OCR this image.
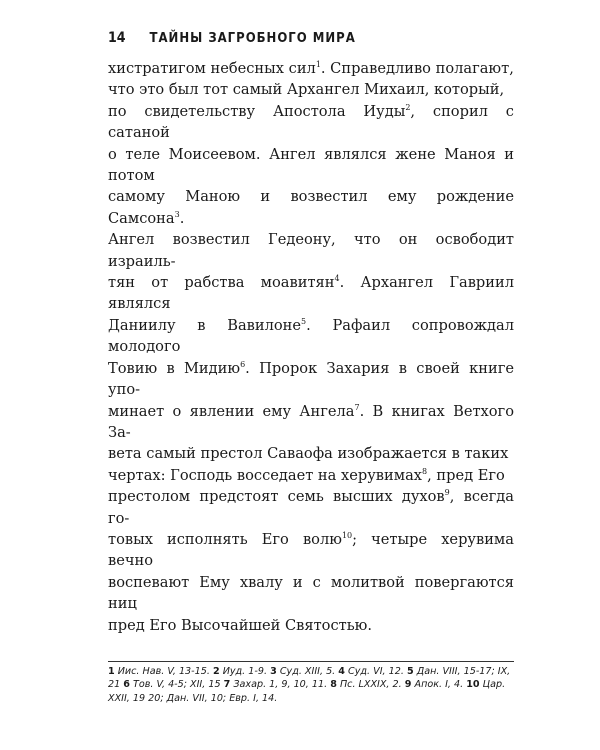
14 ТАЙНЫ ЗАГРОБНОГО МИРА
хистратигом небесных сил$^1$. Справедливо полагают,
что это был тот самый Архангел Михаил, который,
по свидетельству Апостола Иуды$^2$, спорил с сатаной
о теле Моисеевом. Ангел являлся жене Маноя и потом
самому Маною и возвестил ему рождение Самсона$^3$.
Ангел возвестил Гедеону, что он освободит израиль-
тян от рабства моавитян$^4$. Архангел Гавриил являлся
Даниилу в Вавилоне$^5$. Рафаил сопровождал молодого
Товию в Мидию$^6$. Пророк Захария в своей книге упо-
минает о явлении ему Ангела$^7$. В книгах Ветхого За-
вета самый престол Саваофа изображается в таких
чертах: Господь восседает на херувимах$^8$, пред Его
престолом предстоят семь высших духов$^9$, всегда го-
товых исполнять Его волю$^{10}$; четыре херувима вечно
воспевают Ему хвалу и с молитвой повергаются ниц
пред Его Высочайшей Святостью.
1 Иис. Нав. V, 13-15. 2 Иуд. 1-9. 3 Суд. XIII, 5. 4 Суд. VI, 12. 5 Дан. VIII, 15-17; IX, 21 6 Тов. V, 4-5; XII, 15 7 Захар. 1, 9, 10, 11. 8 Пс. LXXIX, 2. 9 Апок. I, 4. 10 Цар. XXII, 19 20; Дан. VII, 10; Евр. I, 14.
